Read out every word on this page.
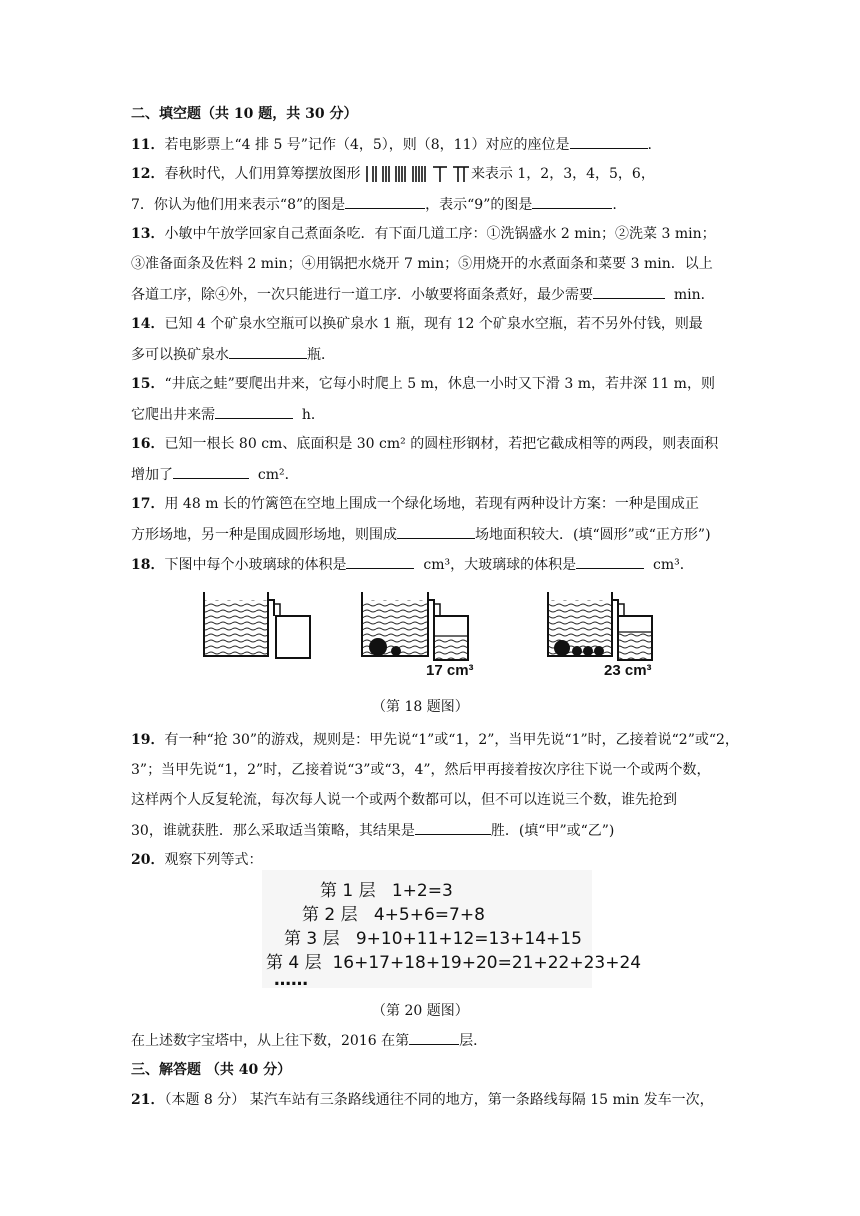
二、填空题（共 10 题，共 30 分）
11．若电影票上“4 排 5 号”记作（4，5），则（8，11）对应的座位是	.
12．春秋时代，人们用算筹摆放图形	来表示 1，2，3，4，5，6，
7．你认为他们用来表示“8”的图是	，表示“9”的图是	.
13．小敏中午放学回家自己煮面条吃．有下面几道工序：①洗锅盛水 2 min；②洗菜 3 min；
③准备面条及佐料 2 min；④用锅把水烧开 7 min；⑤用烧开的水煮面条和菜要 3 min．以上
各道工序，除④外，一次只能进行一道工序．小敏要将面条煮好，最少需要	min．
14．已知 4 个矿泉水空瓶可以换矿泉水 1 瓶，现有 12 个矿泉水空瓶，若不另外付钱，则最
多可以换矿泉水	瓶．
15．“井底之蛙”要爬出井来，它每小时爬上 5 m，休息一小时又下滑 3 m，若井深 11 m，则
它爬出井来需	h．
16．已知一根长 80 cm、底面积是 30 cm² 的圆柱形钢材，若把它截成相等的两段，则表面积
增加了	cm²．
17．用 48 m 长的竹篱笆在空地上围成一个绿化场地，若现有两种设计方案：一种是围成正
方形场地，另一种是围成圆形场地，则围成	场地面积较大．(填“圆形”或“正方形”)
18．下图中每个小玻璃球的体积是	cm³，大玻璃球的体积是	cm³．
17 cm³	23 cm³
（第 18 题图）
19．有一种“抢 30”的游戏，规则是：甲先说“1”或“1，2”，当甲先说“1”时，乙接着说“2”或“2，
3”；当甲先说“1，2”时，乙接着说“3”或“3，4”，然后甲再接着按次序往下说一个或两个数，
这样两个人反复轮流，每次每人说一个或两个数都可以，但不可以连说三个数，谁先抢到
30，谁就获胜．那么采取适当策略，其结果是	胜．(填“甲”或“乙”)
20．观察下列等式：
第 1 层 1+2=3
第 2 层 4+5+6=7+8
第 3 层 9+10+11+12=13+14+15
第 4 层 16+17+18+19+20=21+22+23+24
……
（第 20 题图）
在上述数字宝塔中，从上往下数，2016 在第	层．
三、解答题 （共 40 分）
21．（本题 8 分） 某汽车站有三条路线通往不同的地方，第一条路线每隔 15 min 发车一次，
